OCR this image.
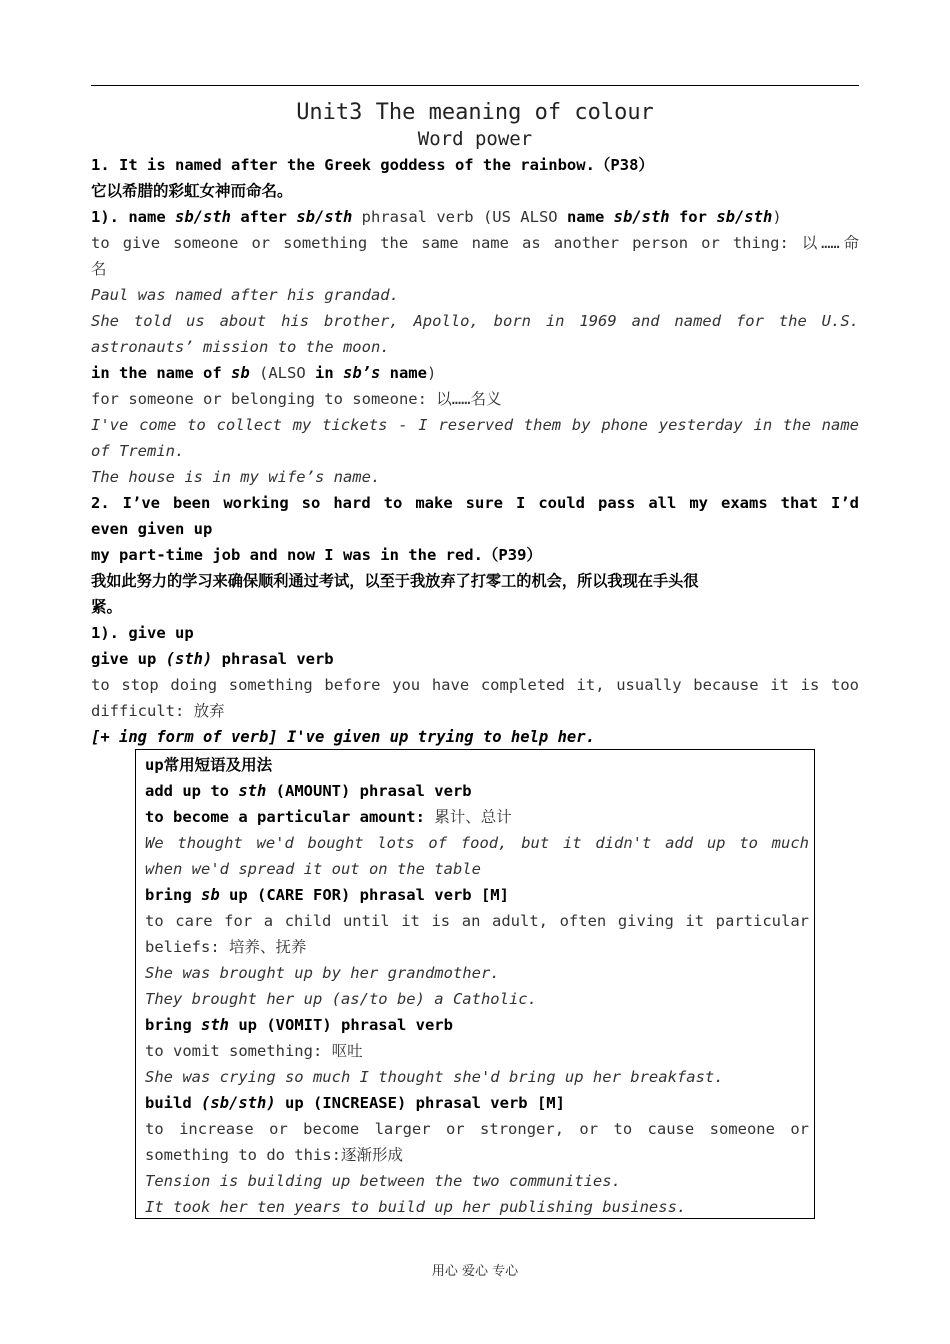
Unit3 The meaning of colour
Word power
1. It is named after the Greek goddess of the rainbow.（P38）
它以希腊的彩虹女神而命名。
1). name sb/sth after sb/sth phrasal verb (US ALSO name sb/sth for sb/sth)
to give someone or something the same name as another person or thing: 以……命
名
Paul was named after his grandad.
She told us about his brother, Apollo, born in 1969 and named for the U.S.
astronauts’ mission to the moon.
in the name of sb (ALSO in sb’s name)
for someone or belonging to someone: 以……名义
I've come to collect my tickets - I reserved them by phone yesterday in the name
of Tremin.
The house is in my wife’s name.
2. I’ve been working so hard to make sure I could pass all my exams that I’d
even given up
my part-time job and now I was in the red.（P39）
我如此努力的学习来确保顺利通过考试，以至于我放弃了打零工的机会，所以我现在手头很
紧。
1). give up
give up (sth) phrasal verb
to stop doing something before you have completed it, usually because it is too
difficult: 放弃
[+ ing form of verb] I've given up trying to help her.
up常用短语及用法
add up to sth (AMOUNT) phrasal verb
to become a particular amount: 累计、总计
We thought we'd bought lots of food, but it didn't add up to much
when we'd spread it out on the table
bring sb up (CARE FOR) phrasal verb [M]
to care for a child until it is an adult, often giving it particular
beliefs: 培养、抚养
She was brought up by her grandmother.
They brought her up (as/to be) a Catholic.
bring sth up (VOMIT) phrasal verb
to vomit something: 呕吐
She was crying so much I thought she'd bring up her breakfast.
build (sb/sth) up (INCREASE) phrasal verb [M]
to increase or become larger or stronger, or to cause someone or
something to do this:逐渐形成
Tension is building up between the two communities.
It took her ten years to build up her publishing business.
用心 爱心 专心
